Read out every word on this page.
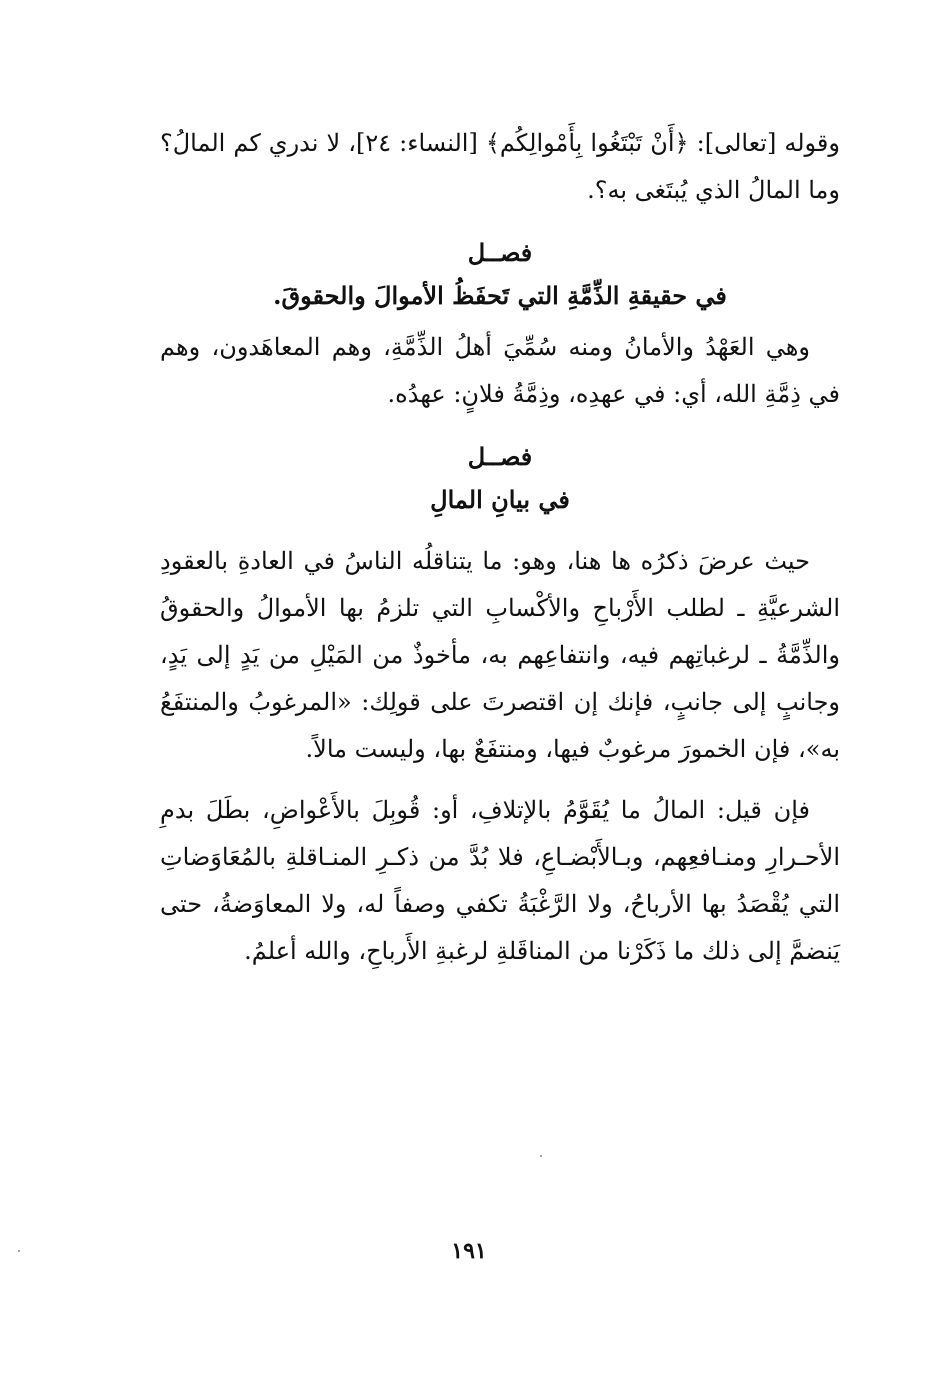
وقوله [تعالى]: ﴿أَنْ تَبْتَغُوا بِأَمْوالِكُم﴾ [النساء: ٢٤]، لا ندري كم المالُ؟ وما المالُ الذي يُبتَغى به؟.

فصــل

في حقيقةِ الذِّمَّةِ التي تَحفَظُ الأموالَ والحقوقَ.

وهي العَهْدُ والأمانُ ومنه سُمِّيَ أهلُ الذِّمَّةِ، وهم المعاهَدون، وهم في ذِمَّةِ الله، أي: في عهدِه، وذِمَّةُ فلانٍ: عهدُه.

فصــل

في بيانِ المالِ

حيث عرضَ ذكرُه ها هنا، وهو: ما يتناقلُه الناسُ في العادةِ بالعقودِ الشرعيَّةِ ـ لطلب الأَرْباحِ والأكْسابِ التي تلزمُ بها الأموالُ والحقوقُ والذِّمَّةُ ـ لرغباتِهم فيه، وانتفاعِهم به، مأخوذٌ من المَيْلِ من يَدٍ إلى يَدٍ، وجانبٍ إلى جانبٍ، فإنك إن اقتصرتَ على قولِك: «المرغوبُ والمنتفَعُ به»، فإن الخمورَ مرغوبٌ فيها، ومنتفَعٌ بها، وليست مالاً.

فإن قيل: المالُ ما يُقَوَّمُ بالإتلافِ، أو: قُوبِلَ بالأَعْواضِ، بطَلَ بدمِ الأحـرارِ ومنـافعِهم، وبـالأَبْضـاعِ، فلا بُدَّ من ذكـرِ المنـاقلةِ بالمُعَاوَضاتِ التي يُقْصَدُ بها الأرباحُ، ولا الرَّغْبَةُ تكفي وصفاً له، ولا المعاوَضةُ، حتى يَنضمَّ إلى ذلك ما ذَكَرْنا من المناقَلةِ لرغبةِ الأَرباحِ، والله أعلمُ.

١٩١
